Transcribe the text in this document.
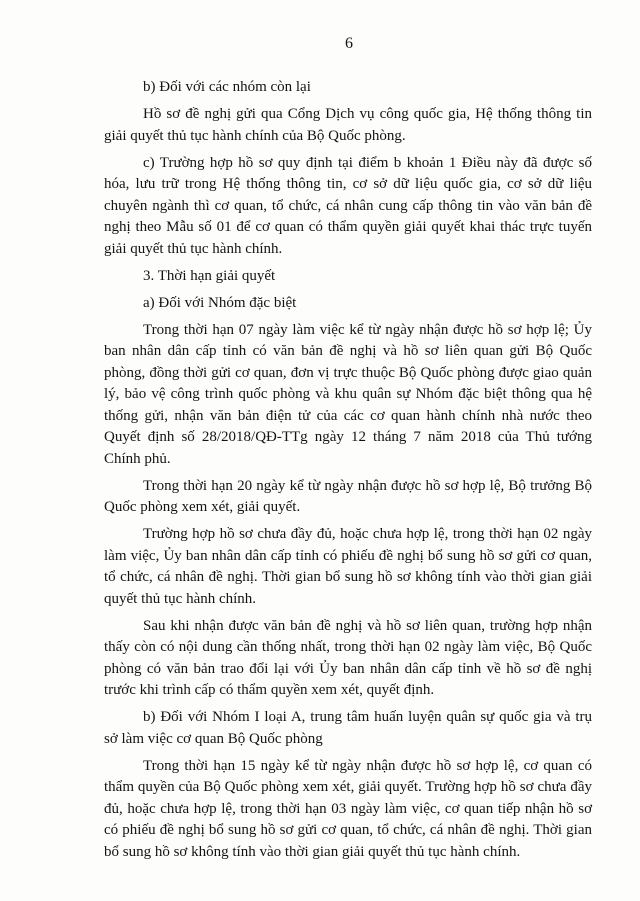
6
b) Đối với các nhóm còn lại
Hồ sơ đề nghị gửi qua Cổng Dịch vụ công quốc gia, Hệ thống thông tin
giải quyết thủ tục hành chính của Bộ Quốc phòng.
c) Trường hợp hồ sơ quy định tại điểm b khoản 1 Điều này đã được số
hóa, lưu trữ trong Hệ thống thông tin, cơ sở dữ liệu quốc gia, cơ sở dữ liệu
chuyên ngành thì cơ quan, tổ chức, cá nhân cung cấp thông tin vào văn bản đề
nghị theo Mẫu số 01 để cơ quan có thẩm quyền giải quyết khai thác trực tuyến
giải quyết thủ tục hành chính.
3. Thời hạn giải quyết
a) Đối với Nhóm đặc biệt
Trong thời hạn 07 ngày làm việc kể từ ngày nhận được hồ sơ hợp lệ; Ủy
ban nhân dân cấp tỉnh có văn bản đề nghị và hồ sơ liên quan gửi Bộ Quốc
phòng, đồng thời gửi cơ quan, đơn vị trực thuộc Bộ Quốc phòng được giao quản
lý, bảo vệ công trình quốc phòng và khu quân sự Nhóm đặc biệt thông qua hệ
thống gửi, nhận văn bản điện tử của các cơ quan hành chính nhà nước theo
Quyết định số 28/2018/QĐ-TTg ngày 12 tháng 7 năm 2018 của Thủ tướng
Chính phủ.
Trong thời hạn 20 ngày kể từ ngày nhận được hồ sơ hợp lệ, Bộ trưởng Bộ
Quốc phòng xem xét, giải quyết.
Trường hợp hồ sơ chưa đầy đủ, hoặc chưa hợp lệ, trong thời hạn 02 ngày
làm việc, Ủy ban nhân dân cấp tỉnh có phiếu đề nghị bổ sung hồ sơ gửi cơ quan,
tổ chức, cá nhân đề nghị. Thời gian bổ sung hồ sơ không tính vào thời gian giải
quyết thủ tục hành chính.
Sau khi nhận được văn bản đề nghị và hồ sơ liên quan, trường hợp nhận
thấy còn có nội dung cần thống nhất, trong thời hạn 02 ngày làm việc, Bộ Quốc
phòng có văn bản trao đổi lại với Ủy ban nhân dân cấp tỉnh về hồ sơ đề nghị
trước khi trình cấp có thẩm quyền xem xét, quyết định.
b) Đối với Nhóm I loại A, trung tâm huấn luyện quân sự quốc gia và trụ
sở làm việc cơ quan Bộ Quốc phòng
Trong thời hạn 15 ngày kể từ ngày nhận được hồ sơ hợp lệ, cơ quan có
thẩm quyền của Bộ Quốc phòng xem xét, giải quyết. Trường hợp hồ sơ chưa đầy
đủ, hoặc chưa hợp lệ, trong thời hạn 03 ngày làm việc, cơ quan tiếp nhận hồ sơ
có phiếu đề nghị bổ sung hồ sơ gửi cơ quan, tổ chức, cá nhân đề nghị. Thời gian
bổ sung hồ sơ không tính vào thời gian giải quyết thủ tục hành chính.
